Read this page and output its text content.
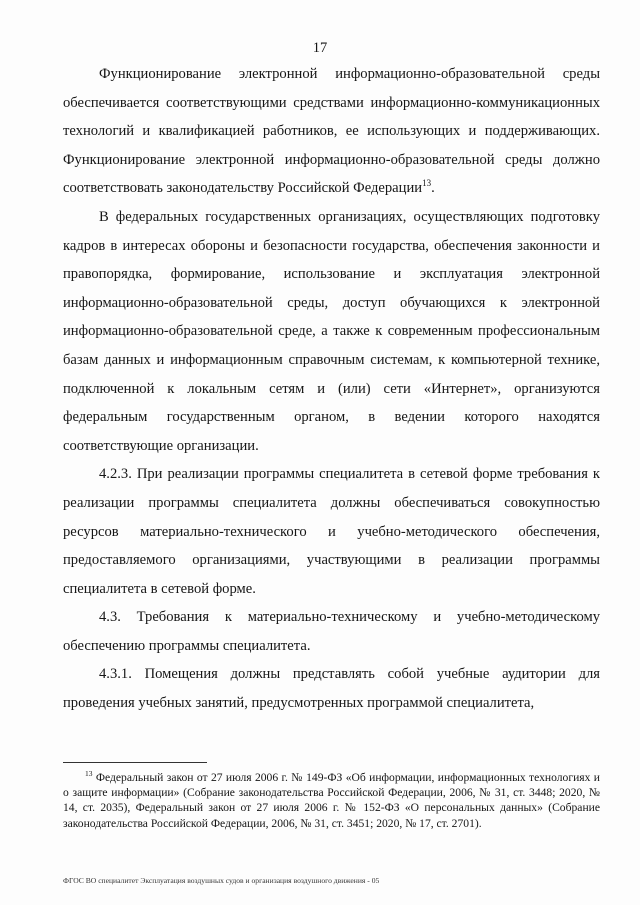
17

Функционирование электронной информационно-образовательной среды обеспечивается соответствующими средствами информационно-коммуникационных технологий и квалификацией работников, ее использующих и поддерживающих. Функционирование электронной информационно-образовательной среды должно соответствовать законодательству Российской Федерации$^{13}$.

В федеральных государственных организациях, осуществляющих подготовку кадров в интересах обороны и безопасности государства, обеспечения законности и правопорядка, формирование, использование и эксплуатация электронной информационно-образовательной среды, доступ обучающихся к электронной информационно-образовательной среде, а также к современным профессиональным базам данных и информационным справочным системам, к компьютерной технике, подключенной к локальным сетям и (или) сети «Интернет», организуются федеральным государственным органом, в ведении которого находятся соответствующие организации.

4.2.3. При реализации программы специалитета в сетевой форме требования к реализации программы специалитета должны обеспечиваться совокупностью ресурсов материально-технического и учебно-методического обеспечения, предоставляемого организациями, участвующими в реализации программы специалитета в сетевой форме.

4.3. Требования к материально-техническому и учебно-методическому обеспечению программы специалитета.

4.3.1. Помещения должны представлять собой учебные аудитории для проведения учебных занятий, предусмотренных программой специалитета,

$^{13}$ Федеральный закон от 27 июля 2006 г. № 149-ФЗ «Об информации, информационных технологиях и о защите информации» (Собрание законодательства Российской Федерации, 2006, № 31, ст. 3448; 2020, № 14, ст. 2035), Федеральный закон от 27 июля 2006 г. № 152-ФЗ «О персональных данных» (Собрание законодательства Российской Федерации, 2006, № 31, ст. 3451; 2020, № 17, ст. 2701).

ФГОС ВО специалитет Эксплуатация воздушных судов и организация воздушного движения - 05
